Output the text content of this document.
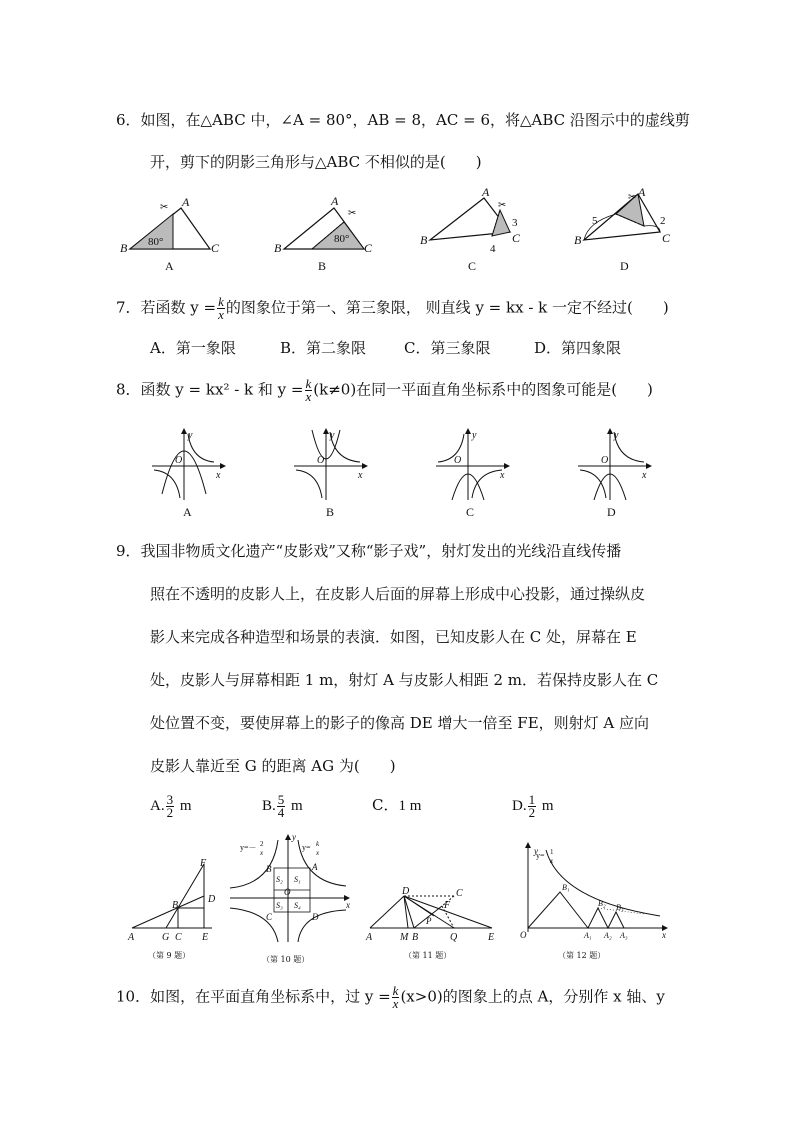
6．如图，在△ABC 中，∠A = 80°，AB = 8，AC = 6，将△ABC 沿图示中的虚线剪
开，剪下的阴影三角形与△ABC 不相似的是(　　)
B
A
C
80°
A
✂
B
A
C
80°
B
✂
B
A
C
3
4
C
✂
B
A
C
5	2
D
✂
7．若函数 $y = \frac{k}{x}$ 的图象位于第一、第三象限， 则直线 y = kx - k 一定不经过(　　)
A．第一象限	B．第二象限	C．第三象限	D．第四象限
8．函数 y = kx² - k 和 $y = \frac{k}{x} (k\ne 0)$在同一平面直角坐标系中的图象可能是(　　)
y
x
O
A
y
x
O
B
y
x
O
C
y
x
O
D
9．我国非物质文化遗产“皮影戏”又称“影子戏”，射灯发出的光线沿直线传播
照在不透明的皮影人上，在皮影人后面的屏幕上形成中心投影，通过操纵皮
影人来完成各种造型和场景的表演．如图，已知皮影人在 C 处，屏幕在 E
处，皮影人与屏幕相距 1 m，射灯 A 与皮影人相距 2 m．若保持皮影人在 C
处位置不变，要使屏幕上的影子的像高 DE 增大一倍至 FE，则射灯 A 应向
皮影人靠近至 G 的距离 AG 为(　　)
A. $\frac{3}{2}$ m	B. $\frac{5}{4}$ m	C．1 m	D. $\frac{1}{2}$ m
F
D
B
A	G C E
（第 9 题）
y=－ 2
x
y= k
x
S₁
S₂
S₃ S₄
O
A
B
C	D
x
y
（第 10 题）
D	C
F
P
A	M B	Q	E
（第 11 题）
y= 1
x
y
x
O
B₁
B₂ B₃
A₁ A₂ A₃
（第 12 题）
10．如图，在平面直角坐标系中，过 $y = \frac{k}{x} (x>0)$的图象上的点 A，分别作 x 轴、y
